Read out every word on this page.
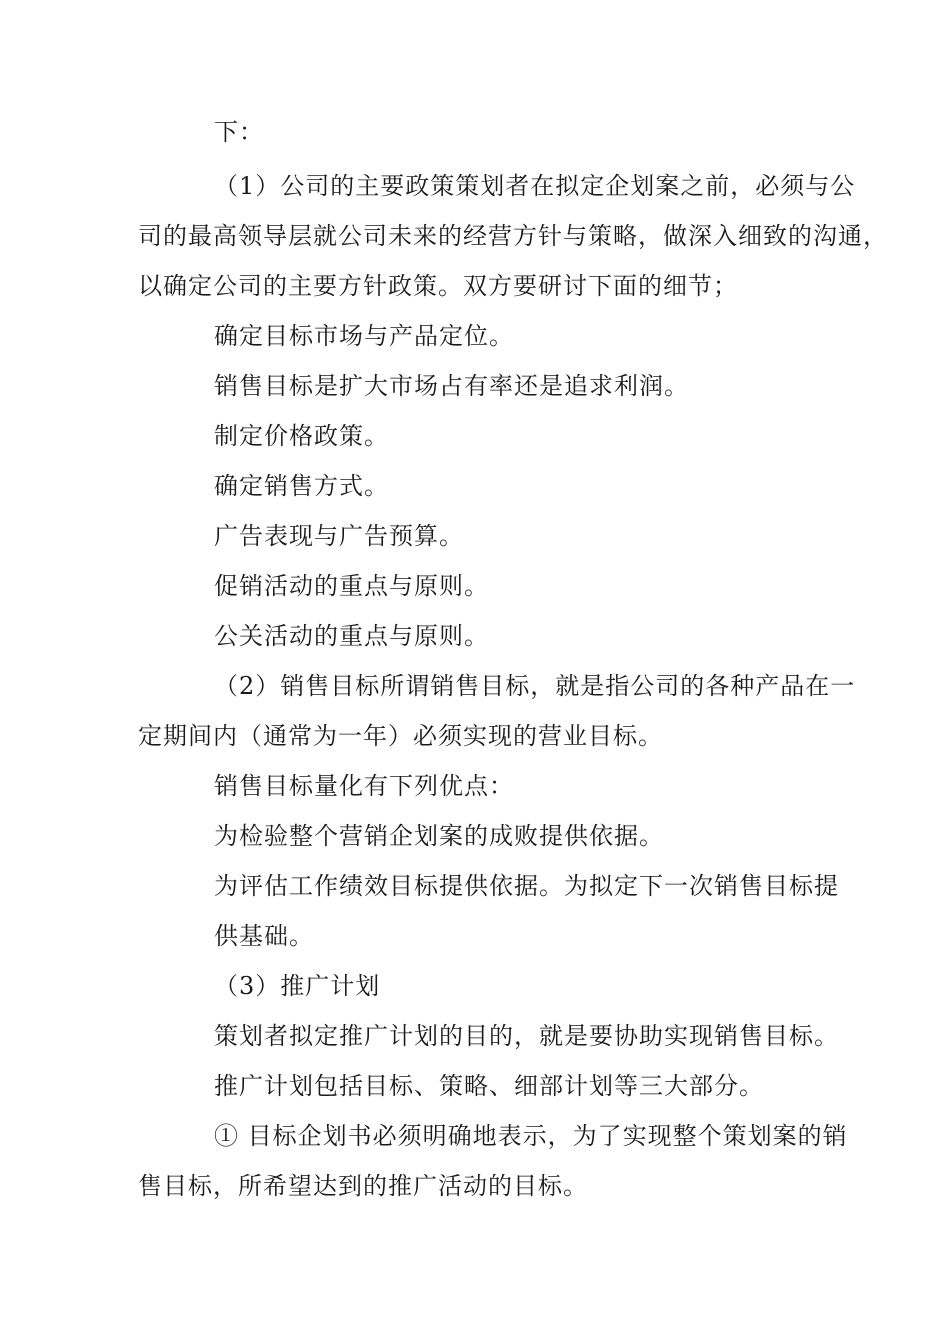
下：
（1）公司的主要政策策划者在拟定企划案之前，必须与公
司的最高领导层就公司未来的经营方针与策略，做深入细致的沟通，
以确定公司的主要方针政策。双方要研讨下面的细节；
确定目标市场与产品定位。
销售目标是扩大市场占有率还是追求利润。
制定价格政策。
确定销售方式。
广告表现与广告预算。
促销活动的重点与原则。
公关活动的重点与原则。
（2）销售目标所谓销售目标，就是指公司的各种产品在一
定期间内（通常为一年）必须实现的营业目标。
销售目标量化有下列优点：
为检验整个营销企划案的成败提供依据。
为评估工作绩效目标提供依据。为拟定下一次销售目标提
供基础。
（3）推广计划
策划者拟定推广计划的目的，就是要协助实现销售目标。
推广计划包括目标、策略、细部计划等三大部分。
① 目标企划书必须明确地表示，为了实现整个策划案的销
售目标，所希望达到的推广活动的目标。
